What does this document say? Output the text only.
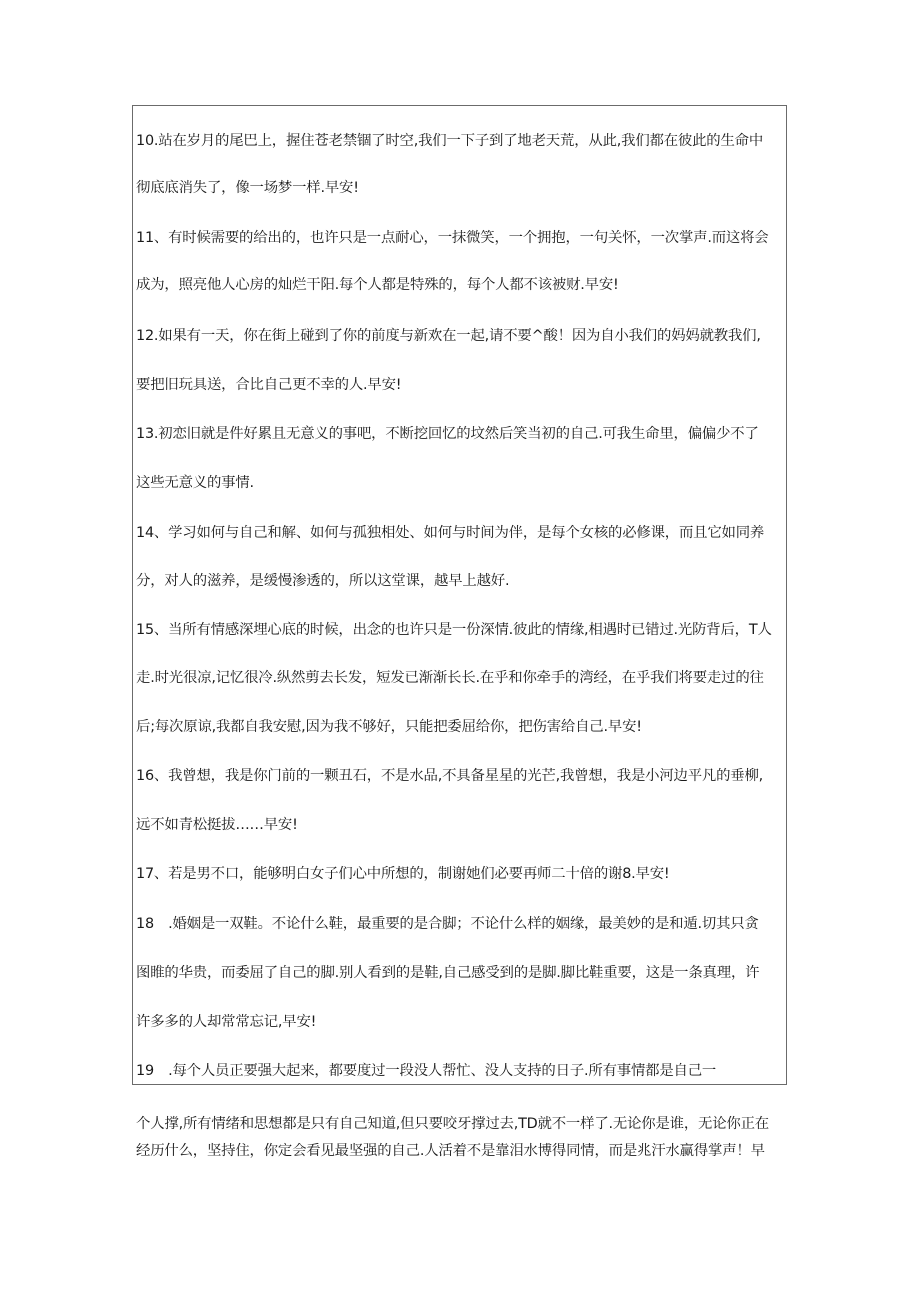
10.站在岁月的尾巴上，握住苍老禁锢了时空,我们一下子到了地老天荒，从此,我们都在彼此的生命中
彻底底消失了，像一场梦一样.早安!
11、有时候需要的给出的，也许只是一点耐心，一抹微笑，一个拥抱，一句关怀，一次掌声.而这将会
成为，照亮他人心房的灿烂干阳.每个人都是特殊的，每个人都不该被财.早安!
12.如果有一天，你在街上碰到了你的前度与新欢在一起,请不要^酸！因为自小我们的妈妈就教我们,
要把旧玩具送，合比自己更不幸的人.早安!
13.初恋旧就是件好累且无意义的事吧，不断挖回忆的坟然后笑当初的自己.可我生命里，偏偏少不了
这些无意义的事情.
14、学习如何与自己和解、如何与孤独相处、如何与时间为伴，是每个女核的必修课，而且它如同养
分，对人的滋养，是缓慢渗透的，所以这堂课，越早上越好.
15、当所有情感深埋心底的时候，出念的也许只是一份深情.彼此的情缘,相遇时已错过.光防背后，T人
走.时光很凉,记忆很冷.纵然剪去长发，短发已渐渐长长.在乎和你牵手的湾经，在乎我们将要走过的往
后;每次原谅,我都自我安慰,因为我不够好，只能把委屈给你，把伤害给自己.早安!
16、我曾想，我是你门前的一颗丑石，不是水品,不具备星星的光芒,我曾想，我是小河边平凡的垂柳,
远不如青松挺拔……早安!
17、若是男不口，能够明白女子们心中所想的，制谢她们必要再师二十倍的谢8.早安!
18　.婚姻是一双鞋。不论什么鞋，最重要的是合脚；不论什么样的姻缘，最美妙的是和遁.切其只贪
图睢的华贵，而委屈了自己的脚.别人看到的是鞋,自己感受到的是脚.脚比鞋重要，这是一条真理，许
许多多的人却常常忘记,早安!
19　.每个人员正要强大起来，都要度过一段没人帮忙、没人支持的日子.所有事情都是自己一
个人撑,所有情绪和思想都是只有自己知道,但只要咬牙撑过去,TD就不一样了.无论你是谁，无论你正在
经历什么，坚持住，你定会看见最坚强的自己.人活着不是靠泪水博得同情，而是兆汗水赢得掌声！早
